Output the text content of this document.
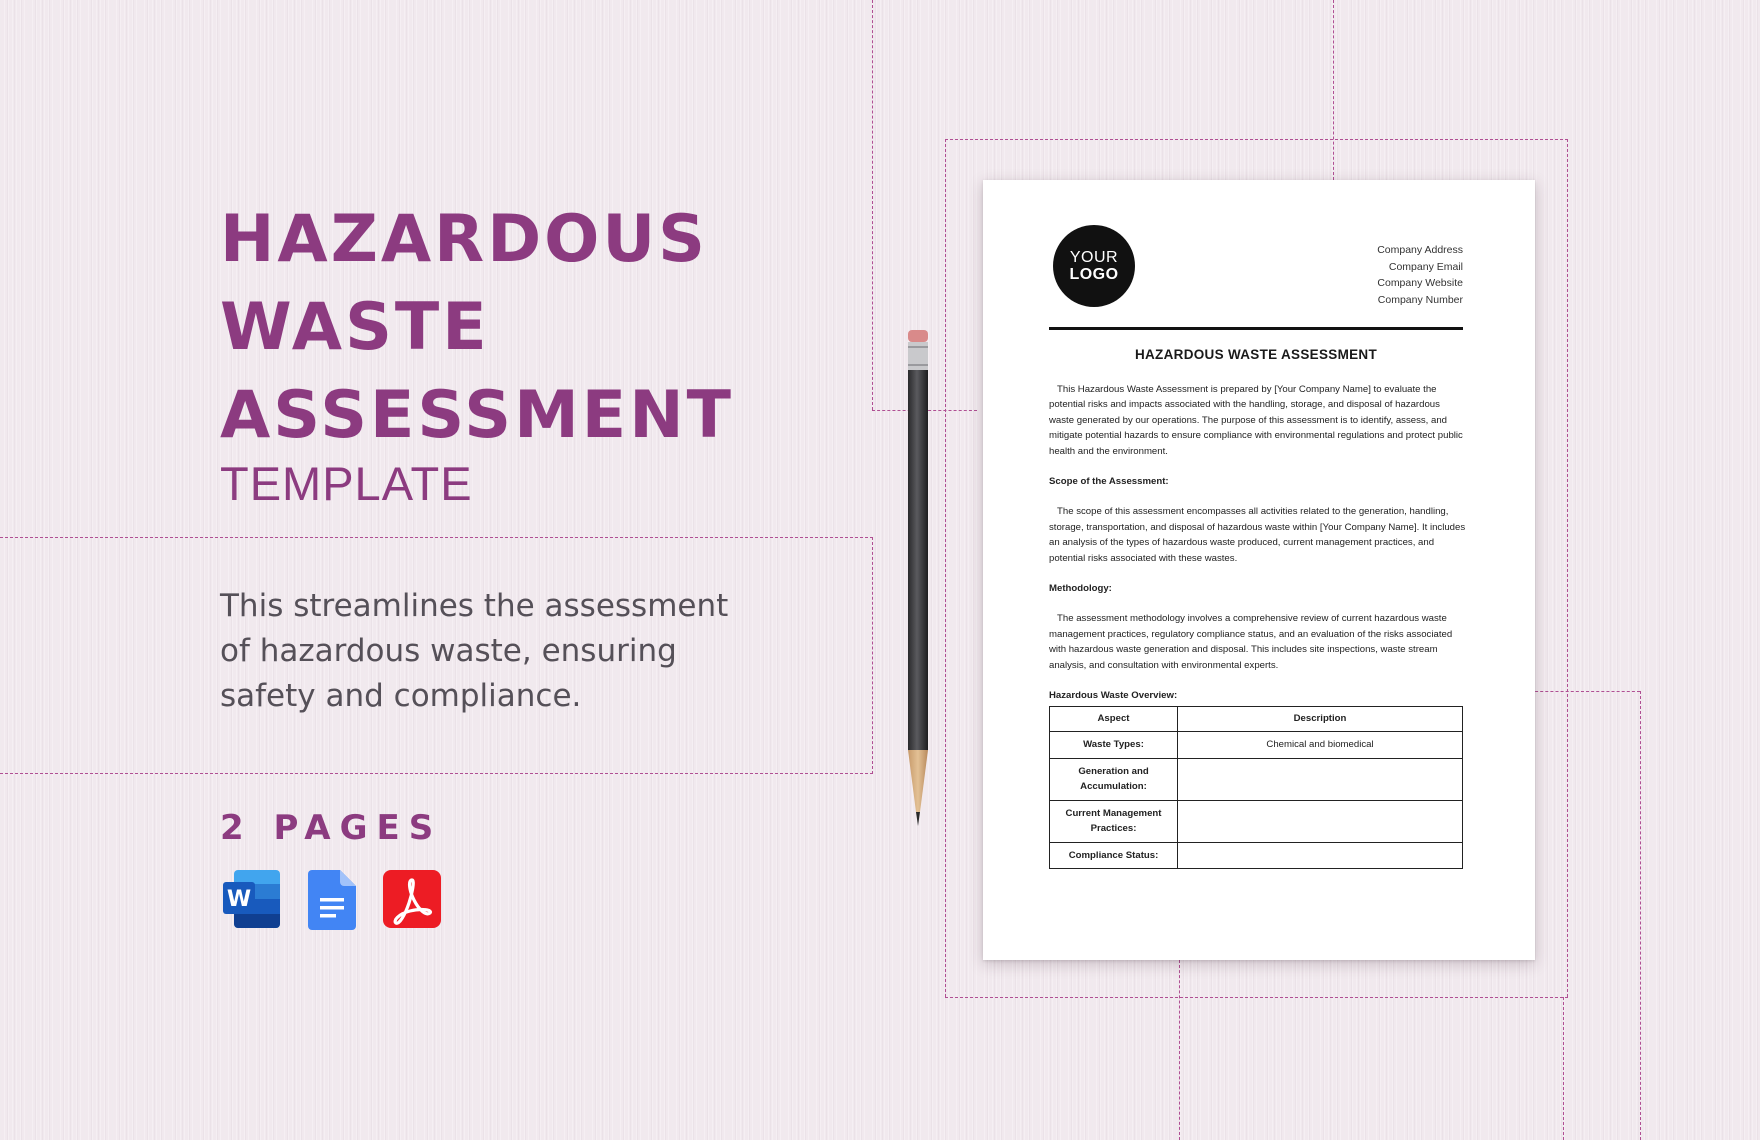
HAZARDOUS
WASTE
ASSESSMENT
TEMPLATE
This streamlines the assessment of hazardous waste, ensuring safety and compliance.
2 PAGES
W
YOUR
LOGO
Company Address
Company Email
Company Website
Company Number
HAZARDOUS WASTE ASSESSMENT

This Hazardous Waste Assessment is prepared by [Your Company Name] to evaluate the potential risks and impacts associated with the handling, storage, and disposal of hazardous waste generated by our operations. The purpose of this assessment is to identify, assess, and mitigate potential hazards to ensure compliance with environmental regulations and protect public health and the environment.

Scope of the Assessment:

The scope of this assessment encompasses all activities related to the generation, handling, storage, transportation, and disposal of hazardous waste within [Your Company Name]. It includes an analysis of the types of hazardous waste produced, current management practices, and potential risks associated with these wastes.

Methodology:

The assessment methodology involves a comprehensive review of current hazardous waste management practices, regulatory compliance status, and an evaluation of the risks associated with hazardous waste generation and disposal. This includes site inspections, waste stream analysis, and consultation with environmental experts.

Hazardous Waste Overview:
Aspect	Description
Waste Types:	Chemical and biomedical
Generation and Accumulation:	
Current Management Practices:	
Compliance Status:	
